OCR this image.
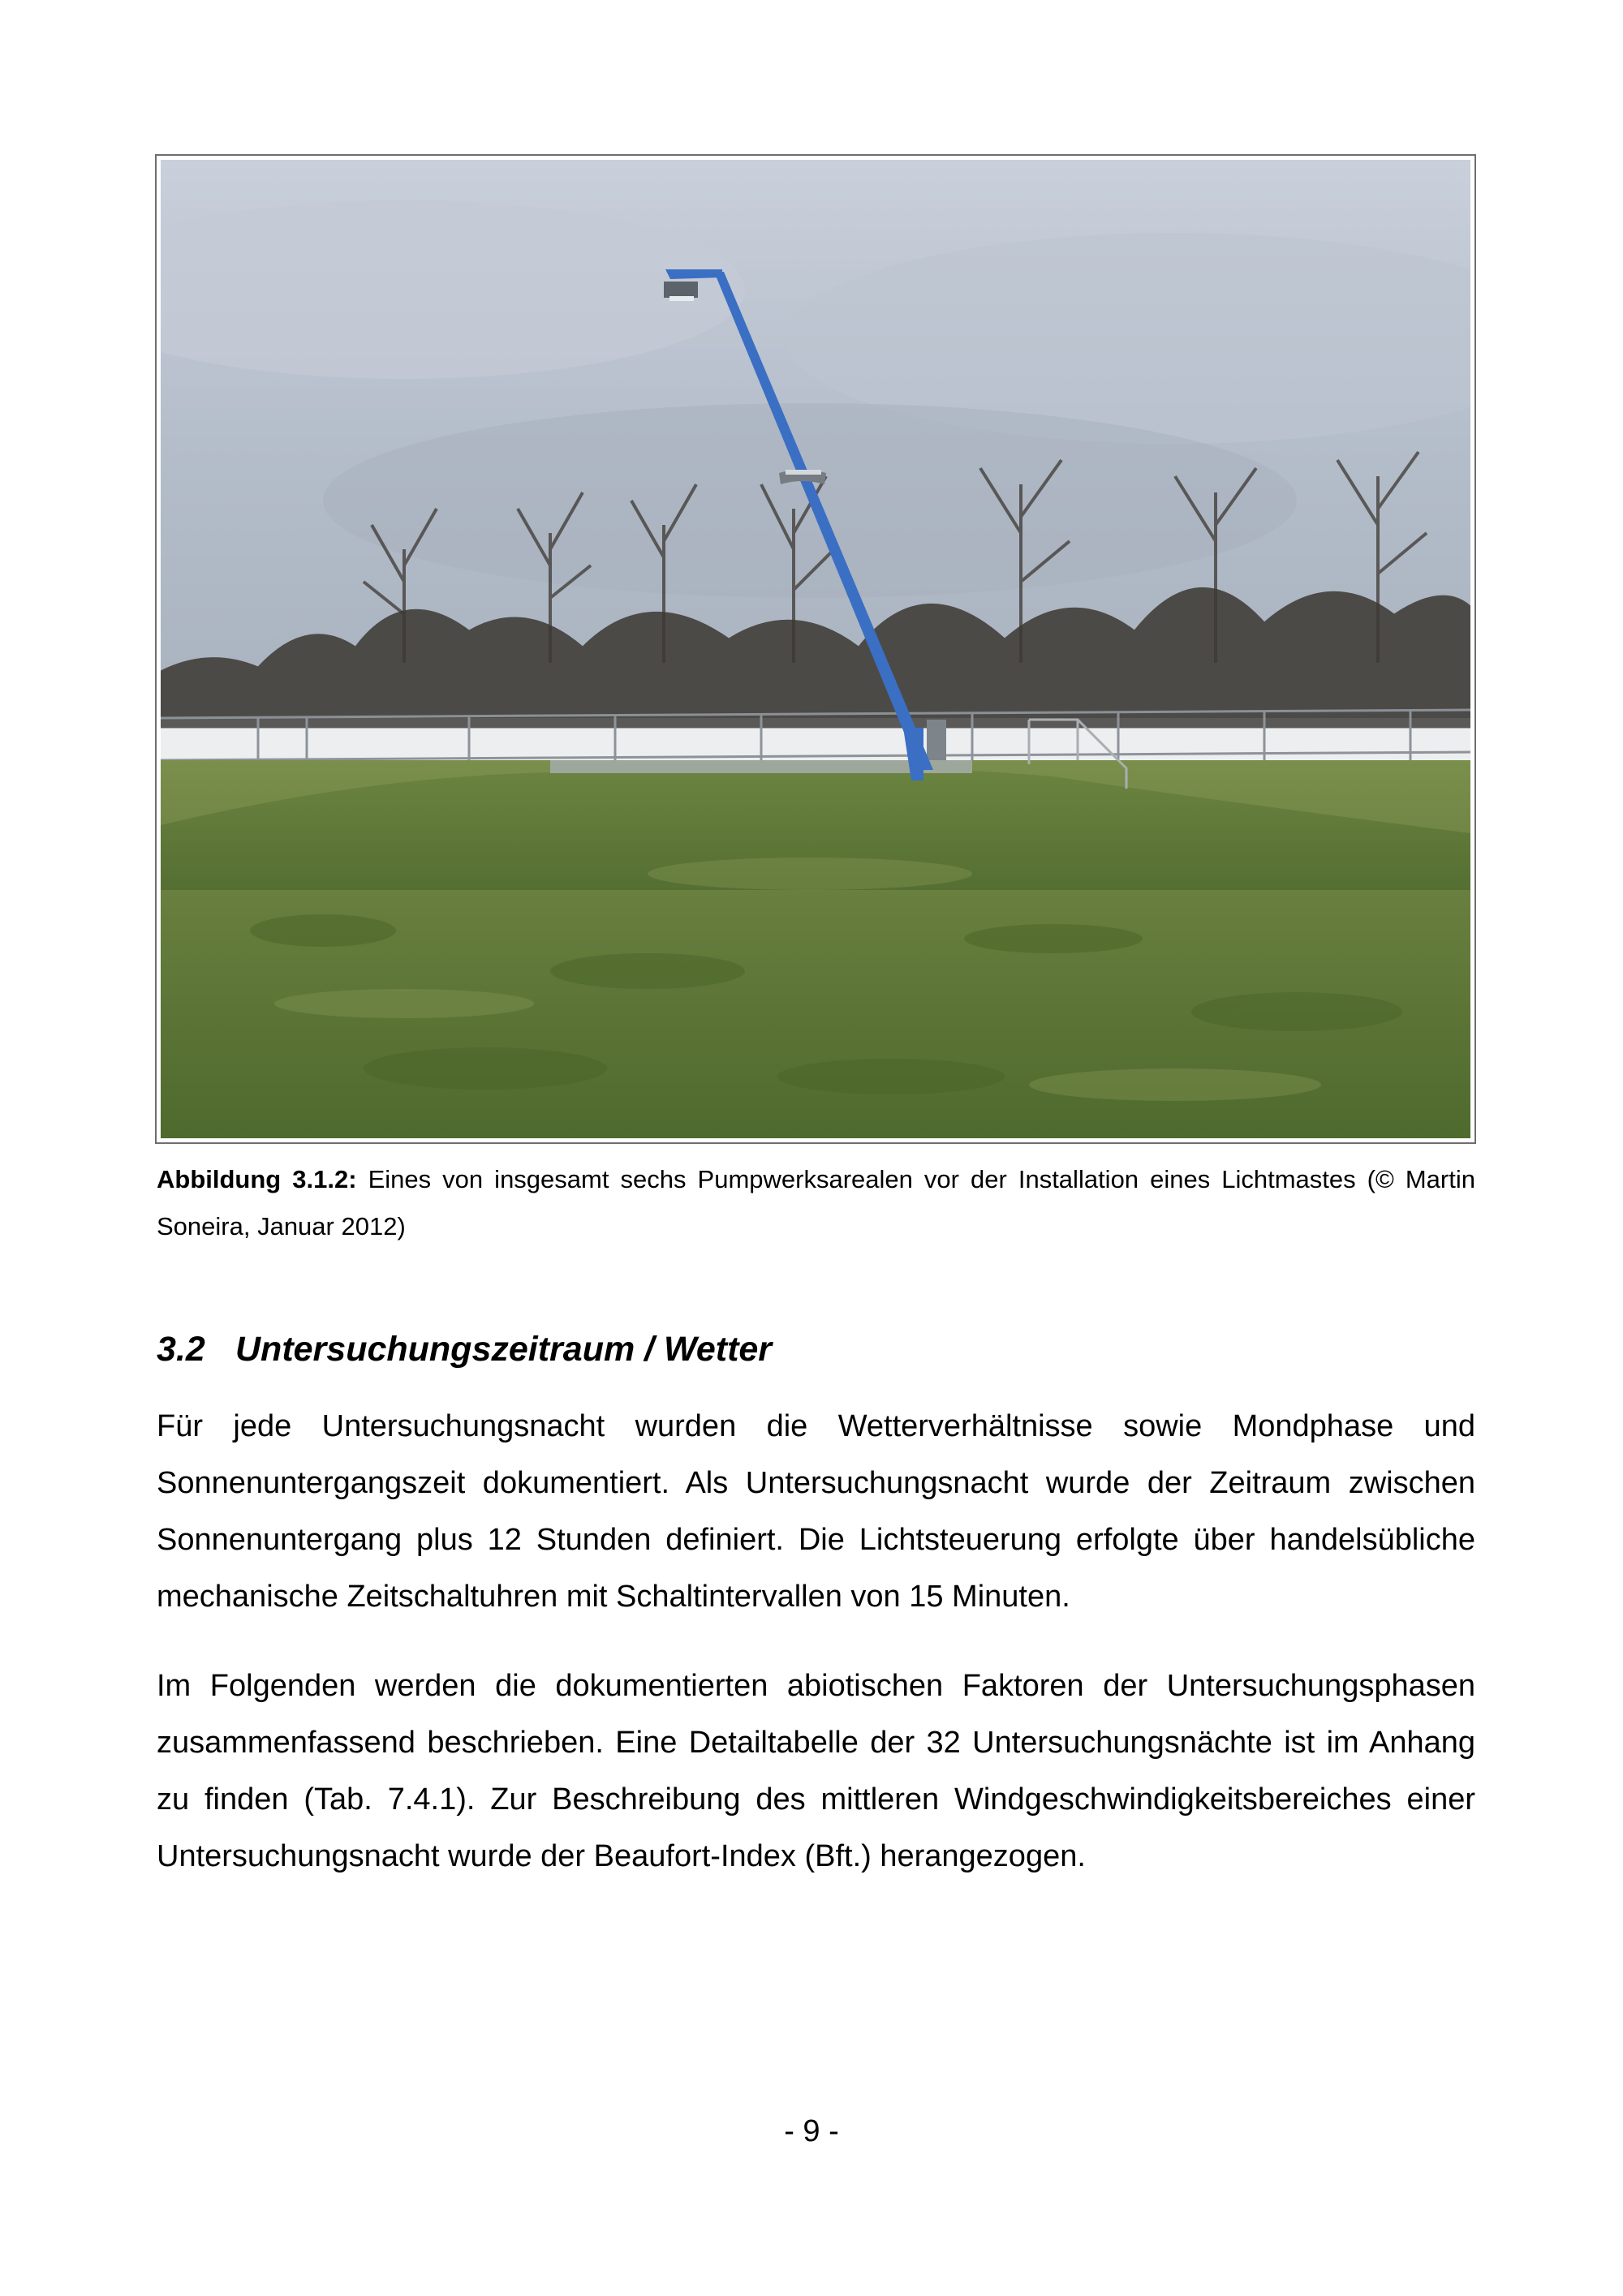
Abbildung 3.1.2: Eines von insgesamt sechs Pumpwerksarealen vor der Installation eines Lichtmastes (© Martin Soneira, Januar 2012)
3.2 Untersuchungszeitraum / Wetter

Für jede Untersuchungsnacht wurden die Wetterverhältnisse sowie Mondphase und Sonnenuntergangszeit dokumentiert. Als Untersuchungsnacht wurde der Zeitraum zwischen Sonnenuntergang plus 12 Stunden definiert. Die Lichtsteuerung erfolgte über handelsübliche mechanische Zeitschaltuhren mit Schaltintervallen von 15 Minuten.

Im Folgenden werden die dokumentierten abiotischen Faktoren der Untersuchungsphasen zusammenfassend beschrieben. Eine Detailtabelle der 32 Untersuchungsnächte ist im Anhang zu finden (Tab. 7.4.1). Zur Beschreibung des mittleren Windgeschwindigkeitsbereiches einer Untersuchungsnacht wurde der Beaufort-Index (Bft.) herangezogen.

- 9 -
